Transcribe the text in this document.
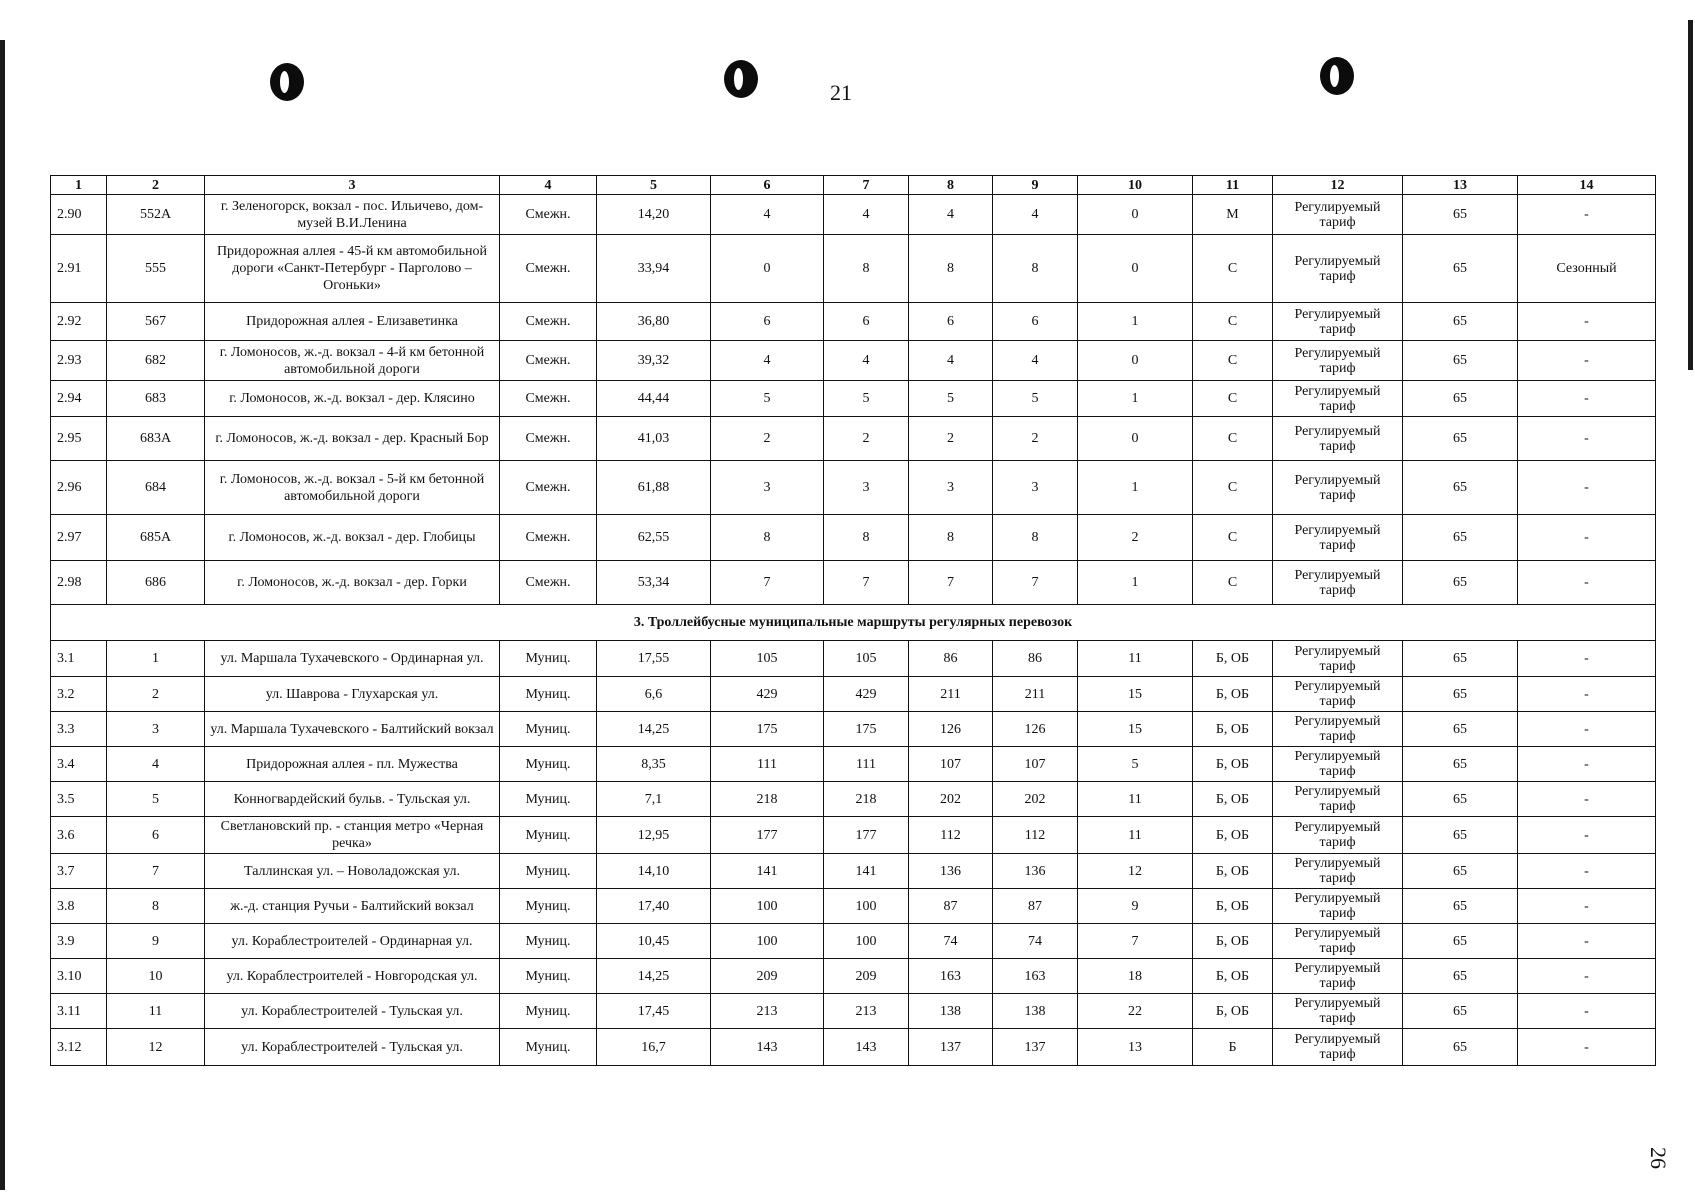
21
26
1	2	3	4	5	6	7	8	9	10	11	12	13	14
2.90	552А	г. Зеленогорск, вокзал - пос. Ильичево, дом-музей В.И.Ленина	Смежн.	14,20	4	4	4	4	0	М	Регулируемый тариф	65	-
2.91	555	Придорожная аллея - 45-й км автомобильной дороги «Санкт-Петербург - Парголово – Огоньки»	Смежн.	33,94	0	8	8	8	0	С	Регулируемый тариф	65	Сезонный
2.92	567	Придорожная аллея - Елизаветинка	Смежн.	36,80	6	6	6	6	1	С	Регулируемый тариф	65	-
2.93	682	г. Ломоносов, ж.-д. вокзал - 4-й км бетонной автомобильной дороги	Смежн.	39,32	4	4	4	4	0	С	Регулируемый тариф	65	-
2.94	683	г. Ломоносов, ж.-д. вокзал - дер. Клясино	Смежн.	44,44	5	5	5	5	1	С	Регулируемый тариф	65	-
2.95	683А	г. Ломоносов, ж.-д. вокзал - дер. Красный Бор	Смежн.	41,03	2	2	2	2	0	С	Регулируемый тариф	65	-
2.96	684	г. Ломоносов, ж.-д. вокзал - 5-й км бетонной автомобильной дороги	Смежн.	61,88	3	3	3	3	1	С	Регулируемый тариф	65	-
2.97	685А	г. Ломоносов, ж.-д. вокзал - дер. Глобицы	Смежн.	62,55	8	8	8	8	2	С	Регулируемый тариф	65	-
2.98	686	г. Ломоносов, ж.-д. вокзал - дер. Горки	Смежн.	53,34	7	7	7	7	1	С	Регулируемый тариф	65	-
3. Троллейбусные муниципальные маршруты регулярных перевозок													
3.1	1	ул. Маршала Тухачевского - Ординарная ул.	Муниц.	17,55	105	105	86	86	11	Б, ОБ	Регулируемый тариф	65	-
3.2	2	ул. Шаврова - Глухарская ул.	Муниц.	6,6	429	429	211	211	15	Б, ОБ	Регулируемый тариф	65	-
3.3	3	ул. Маршала Тухачевского - Балтийский вокзал	Муниц.	14,25	175	175	126	126	15	Б, ОБ	Регулируемый тариф	65	-
3.4	4	Придорожная аллея - пл. Мужества	Муниц.	8,35	111	111	107	107	5	Б, ОБ	Регулируемый тариф	65	-
3.5	5	Конногвардейский бульв. - Тульская ул.	Муниц.	7,1	218	218	202	202	11	Б, ОБ	Регулируемый тариф	65	-
3.6	6	Светлановский пр. - станция метро «Черная речка»	Муниц.	12,95	177	177	112	112	11	Б, ОБ	Регулируемый тариф	65	-
3.7	7	Таллинская ул. – Новоладожская ул.	Муниц.	14,10	141	141	136	136	12	Б, ОБ	Регулируемый тариф	65	-
3.8	8	ж.-д. станция Ручьи - Балтийский вокзал	Муниц.	17,40	100	100	87	87	9	Б, ОБ	Регулируемый тариф	65	-
3.9	9	ул. Кораблестроителей - Ординарная ул.	Муниц.	10,45	100	100	74	74	7	Б, ОБ	Регулируемый тариф	65	-
3.10	10	ул. Кораблестроителей - Новгородская ул.	Муниц.	14,25	209	209	163	163	18	Б, ОБ	Регулируемый тариф	65	-
3.11	11	ул. Кораблестроителей - Тульская ул.	Муниц.	17,45	213	213	138	138	22	Б, ОБ	Регулируемый тариф	65	-
3.12	12	ул. Кораблестроителей - Тульская ул.	Муниц.	16,7	143	143	137	137	13	Б	Регулируемый тариф	65	-
